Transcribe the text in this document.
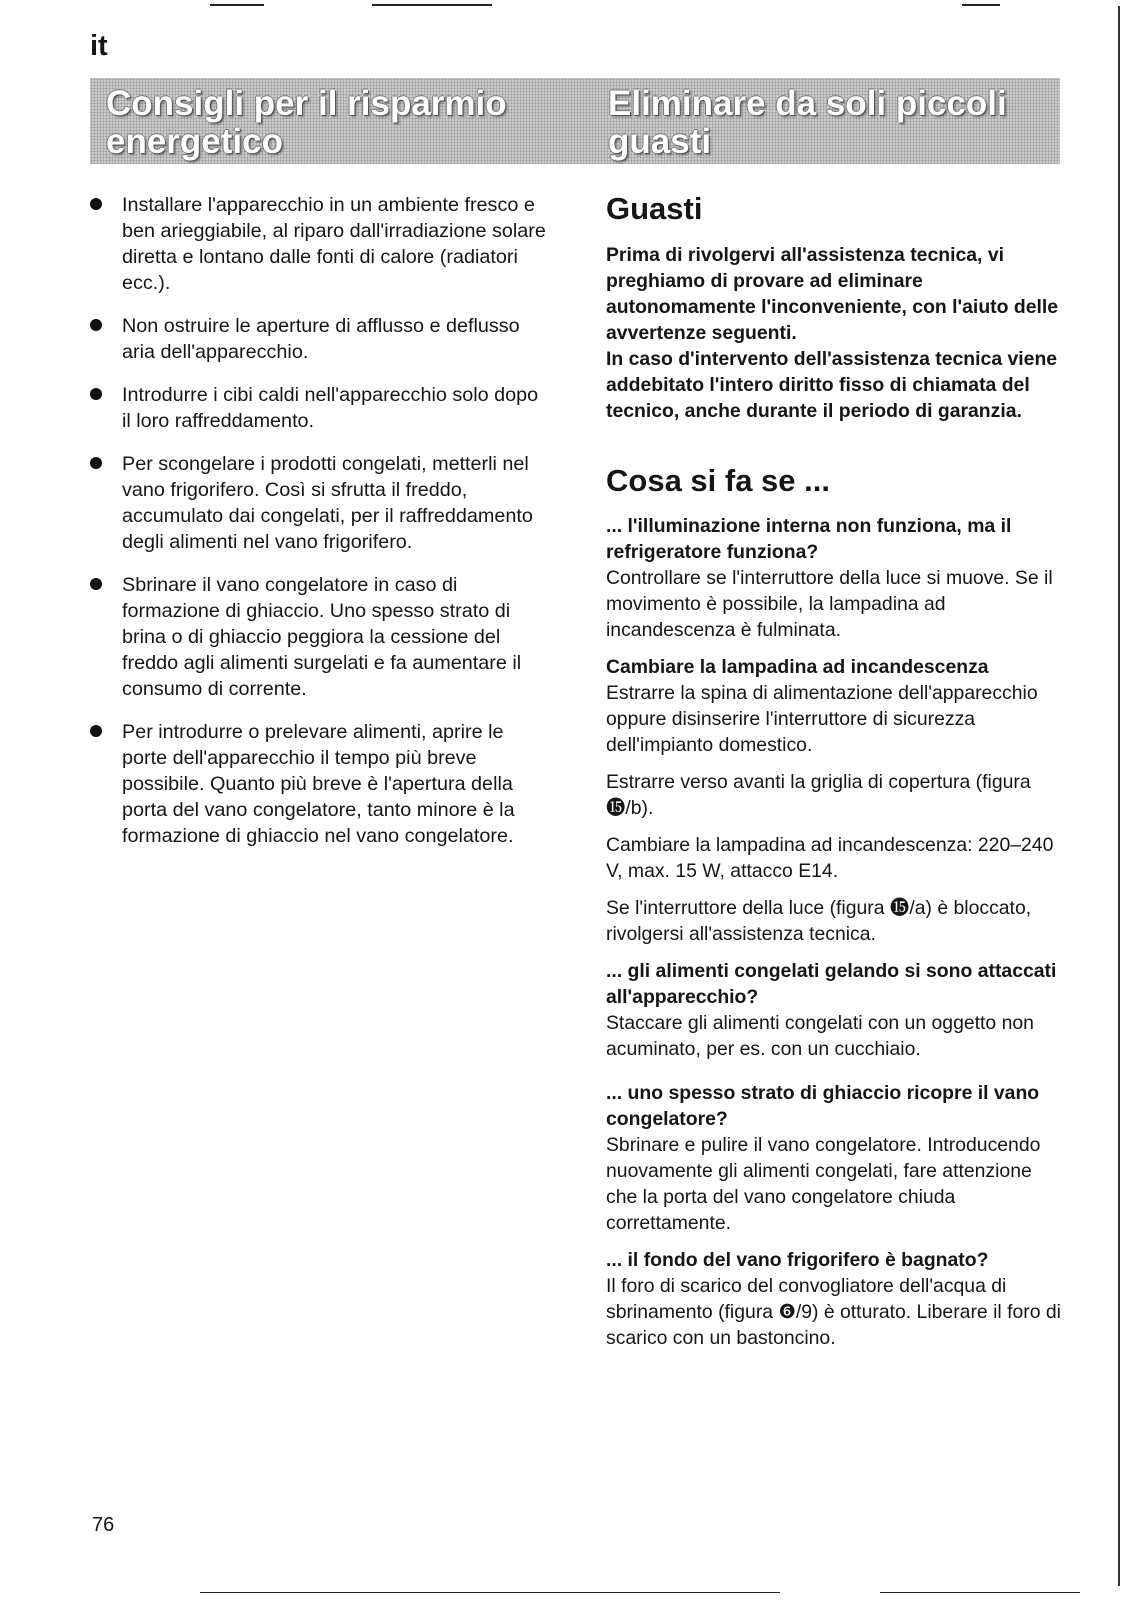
it
Consigli per il risparmio energetico
Eliminare da soli piccoli guasti
Installare l'apparecchio in un ambiente fresco e ben arieggiabile, al riparo dall'irradiazione solare diretta e lontano dalle fonti di calore (radiatori ecc.).
Non ostruire le aperture di afflusso e deflusso aria dell'apparecchio.
Introdurre i cibi caldi nell'apparecchio solo dopo il loro raffreddamento.
Per scongelare i prodotti congelati, metterli nel vano frigorifero. Così si sfrutta il freddo, accumulato dai congelati, per il raffreddamento degli alimenti nel vano frigorifero.
Sbrinare il vano congelatore in caso di formazione di ghiaccio. Uno spesso strato di brina o di ghiaccio peggiora la cessione del freddo agli alimenti surgelati e fa aumentare il consumo di corrente.
Per introdurre o prelevare alimenti, aprire le porte dell'apparecchio il tempo più breve possibile. Quanto più breve è l'apertura della porta del vano congelatore, tanto minore è la formazione di ghiaccio nel vano congelatore.
Guasti

Prima di rivolgervi all'assistenza tecnica, vi preghiamo di provare ad eliminare autonomamente l'inconveniente, con l'aiuto delle avvertenze seguenti.

In caso d'intervento dell'assistenza tecnica viene addebitato l'intero diritto fisso di chiamata del tecnico, anche durante il periodo di garanzia.

Cosa si fa se ...

... l'illuminazione interna non funziona, ma il refrigeratore funziona?

Controllare se l'interruttore della luce si muove. Se il movimento è possibile, la lampadina ad incandescenza è fulminata.

Cambiare la lampadina ad incandescenza

Estrarre la spina di alimentazione dell'apparecchio oppure disinserire l'interruttore di sicurezza dell'impianto domestico.

Estrarre verso avanti la griglia di copertura (figura ⓯/b).

Cambiare la lampadina ad incandescenza: 220–240 V, max. 15 W, attacco E14.

Se l'interruttore della luce (figura ⓯/a) è bloccato, rivolgersi all'assistenza tecnica.

... gli alimenti congelati gelando si sono attaccati all'apparecchio?

Staccare gli alimenti congelati con un oggetto non acuminato, per es. con un cucchiaio.

... uno spesso strato di ghiaccio ricopre il vano congelatore?

Sbrinare e pulire il vano congelatore. Introducendo nuovamente gli alimenti congelati, fare attenzione che la porta del vano congelatore chiuda correttamente.

... il fondo del vano frigorifero è bagnato?

Il foro di scarico del convogliatore dell'acqua di sbrinamento (figura ❻/9) è otturato. Liberare il foro di scarico con un bastoncino.

76
